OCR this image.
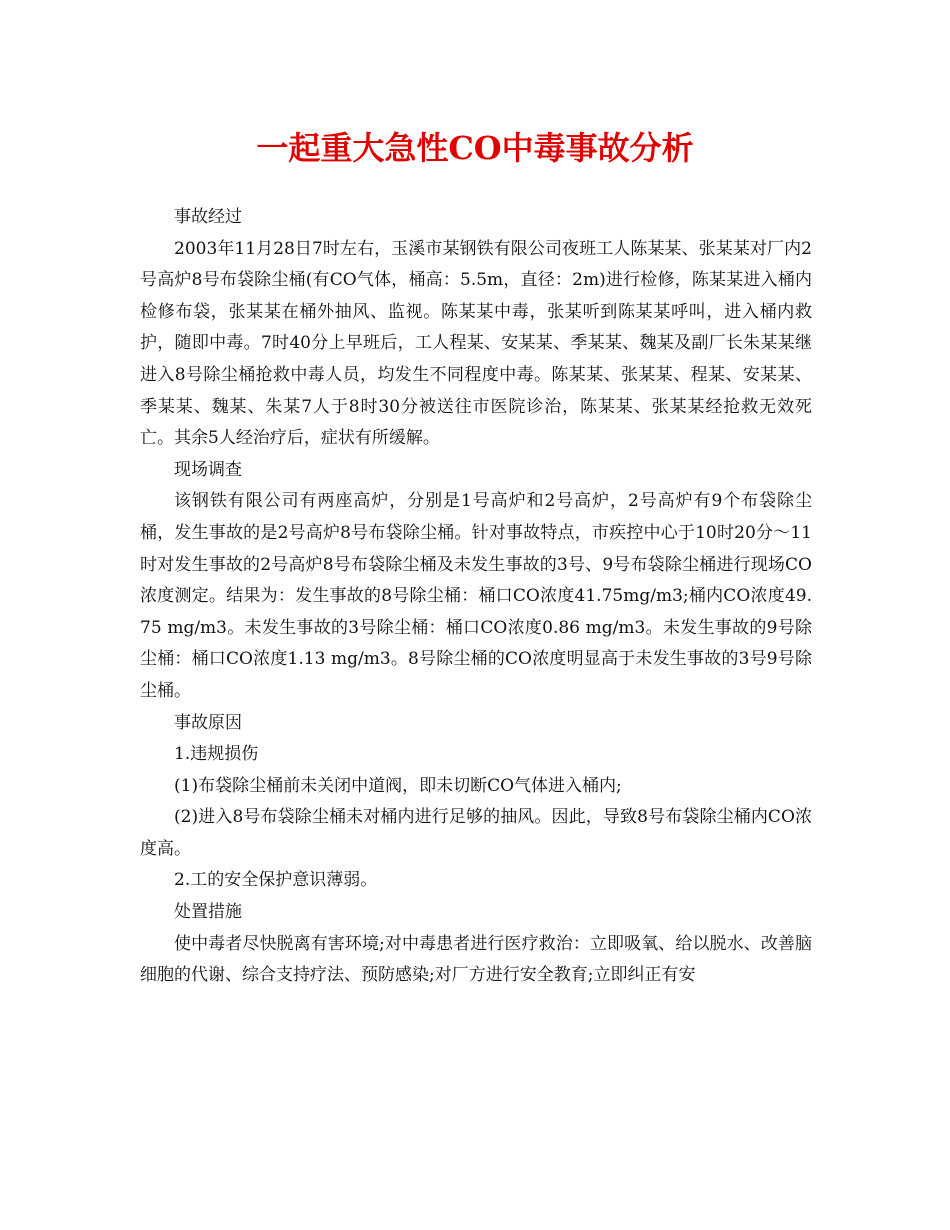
一起重大急性CO中毒事故分析

事故经过

2003年11月28日7时左右，玉溪市某钢铁有限公司夜班工人陈某某、张某某对厂内2号高炉8号布袋除尘桶(有CO气体，桶高：5.5m，直径：2m)进行检修，陈某某进入桶内检修布袋，张某某在桶外抽风、监视。陈某某中毒，张某听到陈某某呼叫，进入桶内救护，随即中毒。7时40分上早班后，工人程某、安某某、季某某、魏某及副厂长朱某某继进入8号除尘桶抢救中毒人员，均发生不同程度中毒。陈某某、张某某、程某、安某某、季某某、魏某、朱某7人于8时30分被送往市医院诊治，陈某某、张某某经抢救无效死亡。其余5人经治疗后，症状有所缓解。

现场调查

该钢铁有限公司有两座高炉，分别是1号高炉和2号高炉，2号高炉有9个布袋除尘桶，发生事故的是2号高炉8号布袋除尘桶。针对事故特点，市疾控中心于10时20分～11时对发生事故的2号高炉8号布袋除尘桶及未发生事故的3号、9号布袋除尘桶进行现场CO浓度测定。结果为：发生事故的8号除尘桶：桶口CO浓度41.75mg/m3;桶内CO浓度49.75 mg/m3。未发生事故的3号除尘桶：桶口CO浓度0.86 mg/m3。未发生事故的9号除尘桶：桶口CO浓度1.13 mg/m3。8号除尘桶的CO浓度明显高于未发生事故的3号9号除尘桶。

事故原因

1.违规损伤

(1)布袋除尘桶前未关闭中道阀，即未切断CO气体进入桶内;

(2)进入8号布袋除尘桶未对桶内进行足够的抽风。因此，导致8号布袋除尘桶内CO浓度高。

2.工的安全保护意识薄弱。

处置措施

使中毒者尽快脱离有害环境;对中毒患者进行医疗救治：立即吸氧、给以脱水、改善脑细胞的代谢、综合支持疗法、预防感染;对厂方进行安全教育;立即纠正有安
